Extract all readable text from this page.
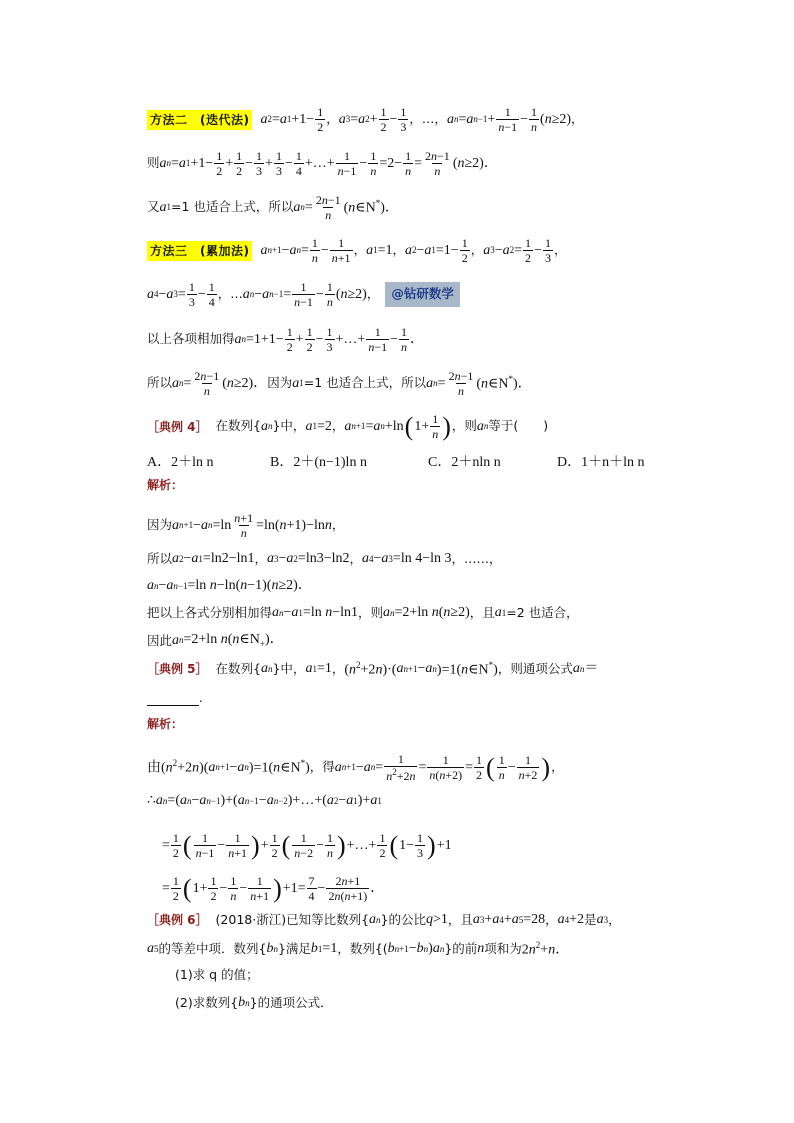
方法二　(迭代法) a 2 = a $1 +1- \frac{1}{2}$ ， a 3 = a $2 + \frac{1}{2} - \frac{1}{3}$ ，…， a n = a $n-1 + \frac{1}{n-1} - \frac{1}{n} (n\ge 2)$ ，
则 a n = a $1 +1- \frac{1}{2} + \frac{1}{2} - \frac{1}{3} + \frac{1}{3} - \frac{1}{4}$ +…+ $\frac{1}{n-1} - \frac{1}{n} =2- \frac{1}{n} = \frac{2n-1}{n} (n\ge 2)$．
又 a 1 =1 也适合上式，所以 a $n = \frac{2n-1}{n}$ (n∈N*)．
方法三　(累加法) a n+1 − a $n = \frac{1}{n} - \frac{1}{n+1}$ ， a 1 =1 ， a 2 − a $1 =1- \frac{1}{2}$ ， a 3 − a $2 = \frac{1}{2} - \frac{1}{3}$ ，
a 4 − a $3 = \frac{1}{3} - \frac{1}{4}$ ，… a n − a $n-1 = \frac{1}{n-1} - \frac{1}{n} (n\ge 2)$ ， @钻研数学
以上各项相加得 a $n =1+1- \frac{1}{2} + \frac{1}{2} - \frac{1}{3}$ +…+ $\frac{1}{n-1} - \frac{1}{n}$ ．
所以 a $n = \frac{2n-1}{n} (n\ge 2)$． 因为 a 1 =1 也适合上式，所以 a $n = \frac{2n-1}{n}$ (n∈N*)．
［典例 4］ 在数列{ a n }中， a 1 =2 ， a n+1 = a n +ln ( $1+ \frac{1}{n}$ ) ，则 a n 等于(　　)
A．2＋ln n	B．2＋(n−1)ln n	C．2＋nln n	D．1＋n＋ln n
解析：
因为 a n+1 − a $n =\ln \frac{n+1}{n} =\ln(n+1)-\ln n$ ，
所以 a 2 − a 1 =ln2−ln1 ， a 3 − a 2 =ln3−ln2 ， a 4 − a 3 =ln 4−ln 3 ，……，
a n − a n−1 =ln n−ln(n−1)(n≥2)．
把以上各式分别相加得 a n − a 1 =ln n−ln1 ，则 a n =2+ln n(n≥2) ，且 a 1 =2 也适合，
因此 a n =2+ln $n(n\in N_+)$．
［典例 5］ 在数列{ a n }中， a 1 =1 ， $(n^2+2n)\cdot$( a n+1 − a n )=1(n∈N*) ，则通项公式 a n ＝
.
解析：
由$(n^2+2n)$( a n+1 − a n )=1(n∈N*) ，得 a n+1 − a $n = \frac{1}{n^2+2n} = \frac{1}{n(n+2)} = \frac{1}{2}$ ( $\frac{1}{n} - \frac{1}{n+2}$ ) ，
∴ a n =( a n − a n−1 )+( a n−1 − a n−2 )+…+( a 2 − a 1 )+ a 1
= $\frac{1}{2}$ ( $\frac{1}{n-1} - \frac{1}{n+1}$ ) + $\frac{1}{2}$ ( $\frac{1}{n-2} - \frac{1}{n}$ ) +…+ $\frac{1}{2}$ ( $1- \frac{1}{3}$ ) +1
= $\frac{1}{2}$ ( $1+ \frac{1}{2} - \frac{1}{n} - \frac{1}{n+1}$ ) $+1= \frac{7}{4} - \frac{2n+1}{2n(n+1)}$ ．
［典例 6］ (2018·浙江)已知等比数列{ a n }的公比 q >1 ，且 a 3 + a 4 + a 5 =28 ， a 4 +2 是 a 3 ，
a 5 的等差中项．数列{ b n }满足 b 1 =1 ，数列{( b n+1 − b n ) a n }的前 n 项和为 $2n^2+n$．
(1)求 q 的值；
(2)求数列{ b n }的通项公式．
